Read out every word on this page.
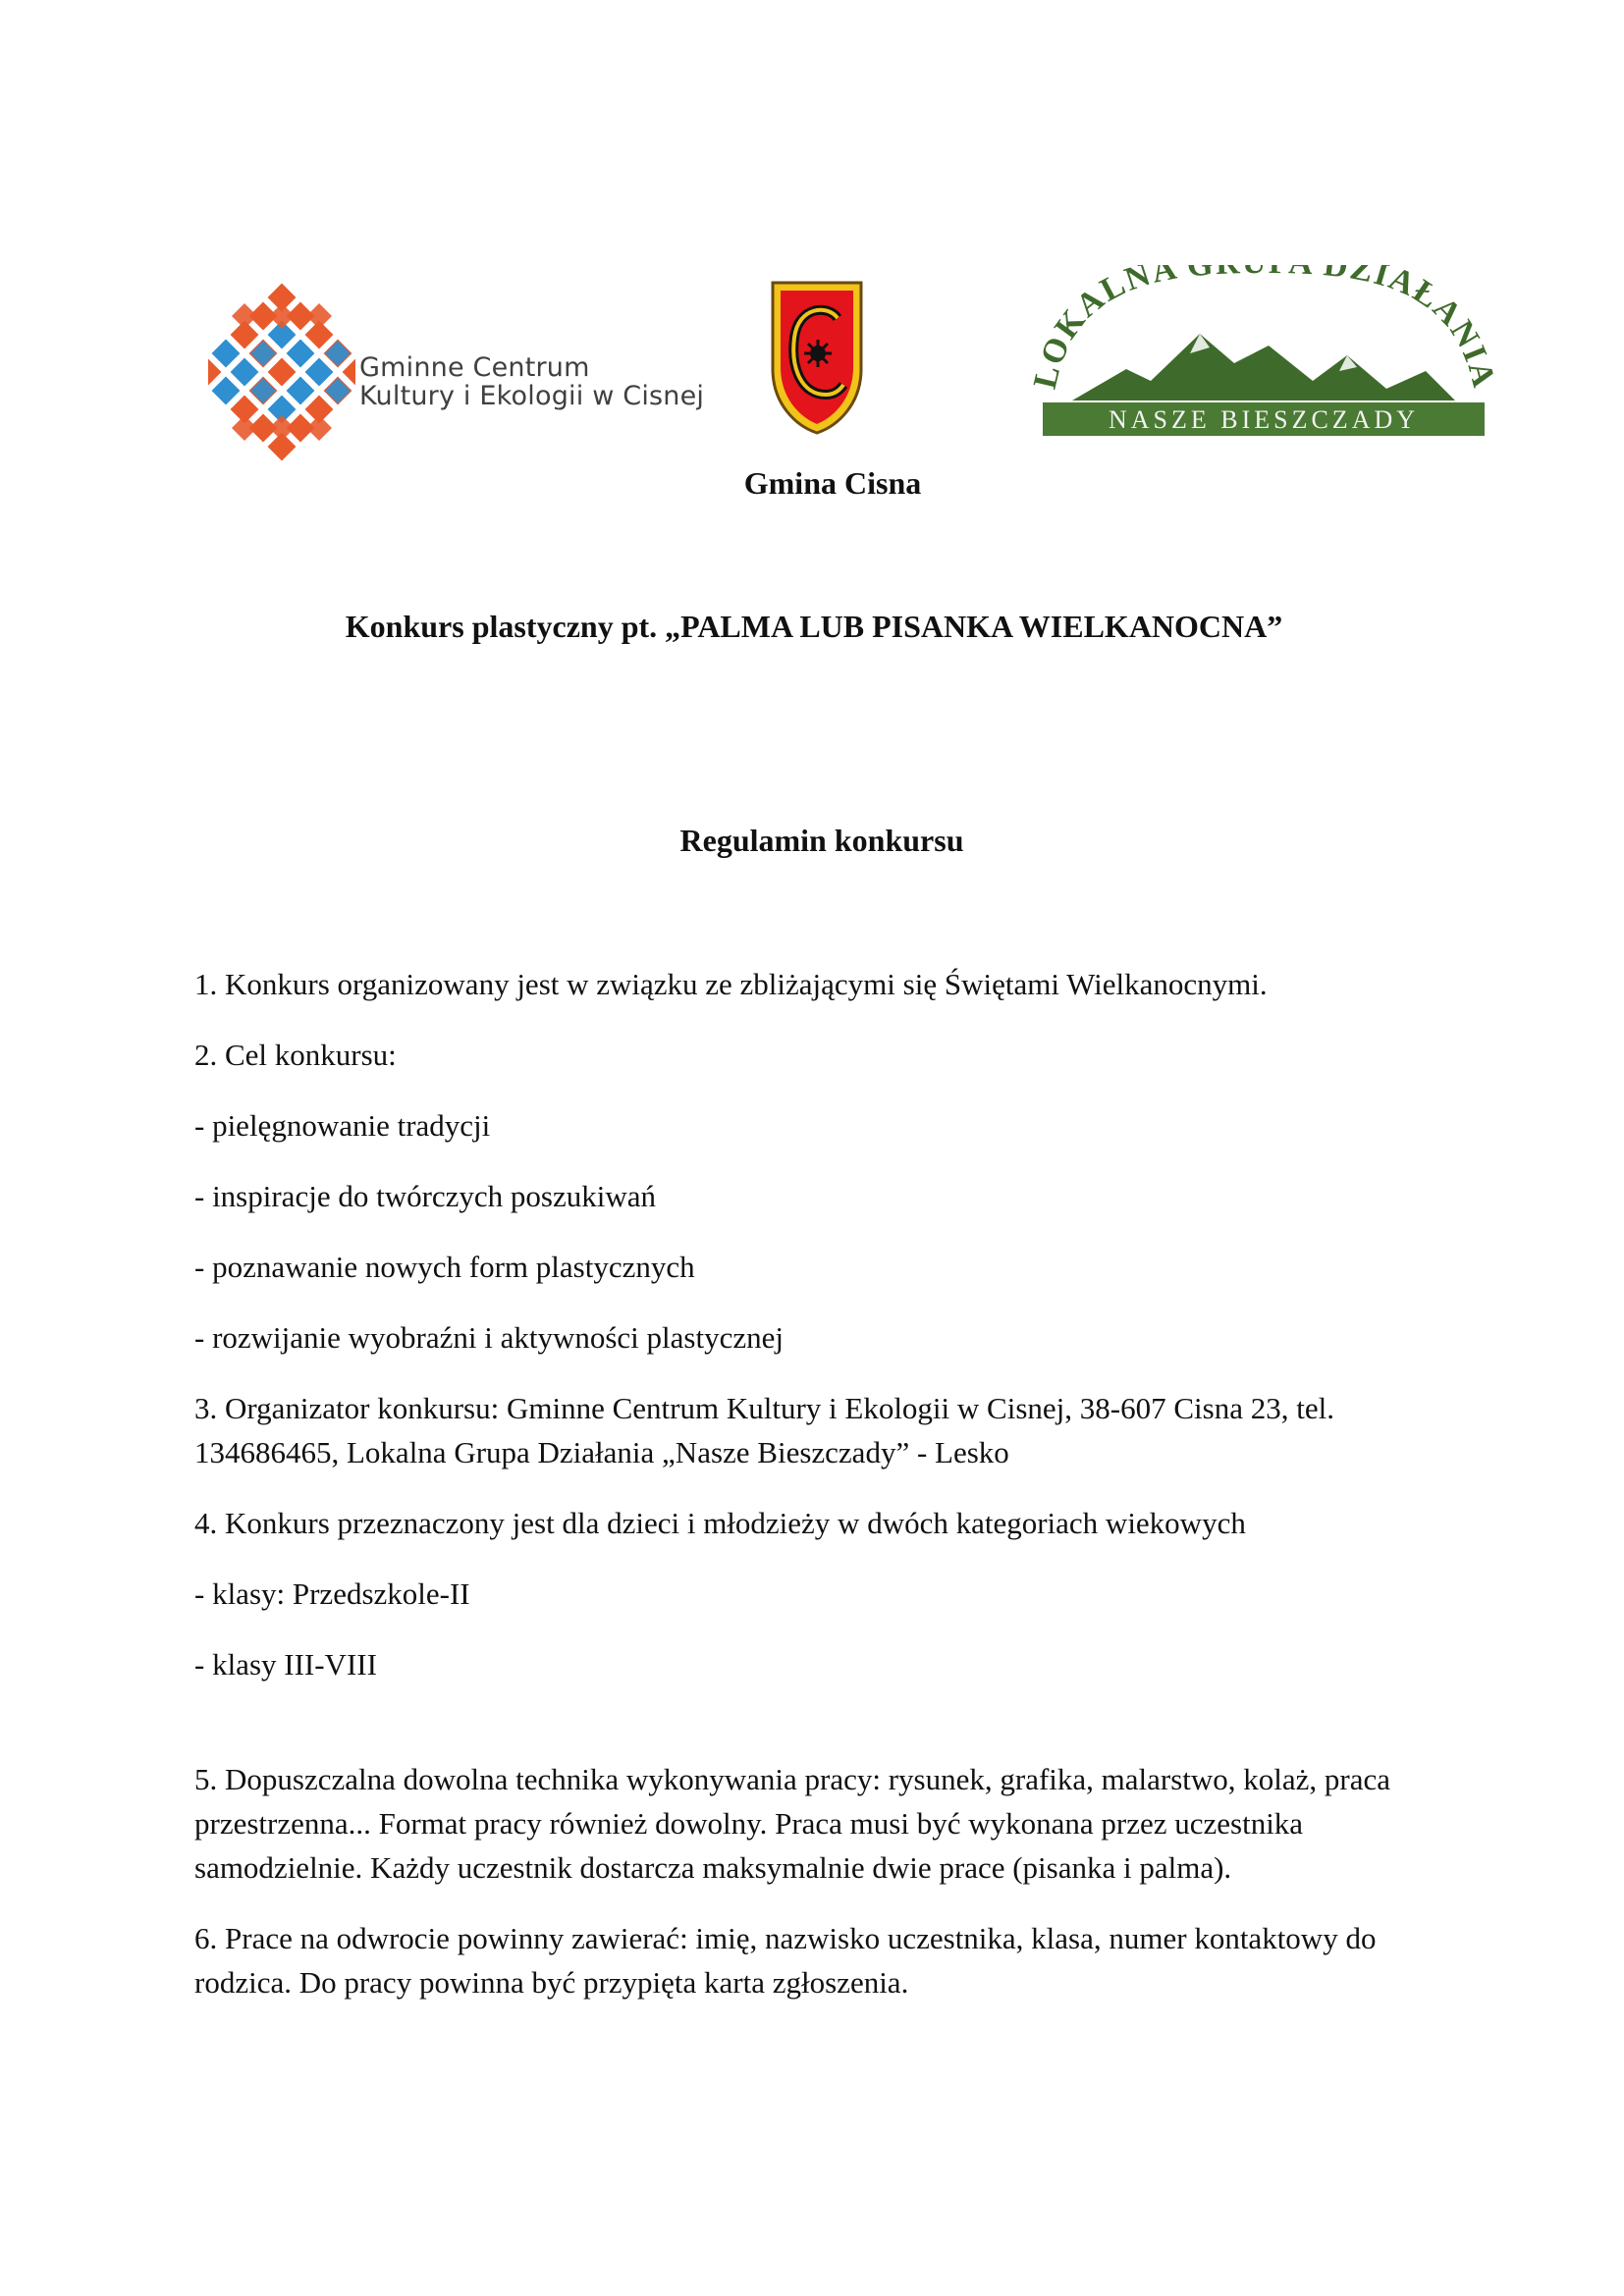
Gminne Centrum
Kultury i Ekologii w Cisnej
OKALNA DZIAŁANI
NASZE BIESZCZADY
Gmina Cisna
Konkurs plastyczny pt. „PALMA LUB PISANKA WIELKANOCNA”
Regulamin konkursu

1. Konkurs organizowany jest w związku ze zbliżającymi się Świętami Wielkanocnymi.

2. Cel konkursu:

- pielęgnowanie tradycji

- inspiracje do twórczych poszukiwań

- poznawanie nowych form plastycznych

- rozwijanie wyobraźni i aktywności plastycznej

3. Organizator konkursu: Gminne Centrum Kultury i Ekologii w Cisnej, 38-607 Cisna 23, tel. 134686465, Lokalna Grupa Działania „Nasze Bieszczady” - Lesko

4. Konkurs przeznaczony jest dla dzieci i młodzieży w dwóch kategoriach wiekowych

- klasy: Przedszkole-II

- klasy III-VIII

5. Dopuszczalna dowolna technika wykonywania pracy: rysunek, grafika, malarstwo, kolaż, praca przestrzenna... Format pracy również dowolny. Praca musi być wykonana przez uczestnika samodzielnie. Każdy uczestnik dostarcza maksymalnie dwie prace (pisanka i palma).

6. Prace na odwrocie powinny zawierać: imię, nazwisko uczestnika, klasa, numer kontaktowy do rodzica. Do pracy powinna być przypięta karta zgłoszenia.
